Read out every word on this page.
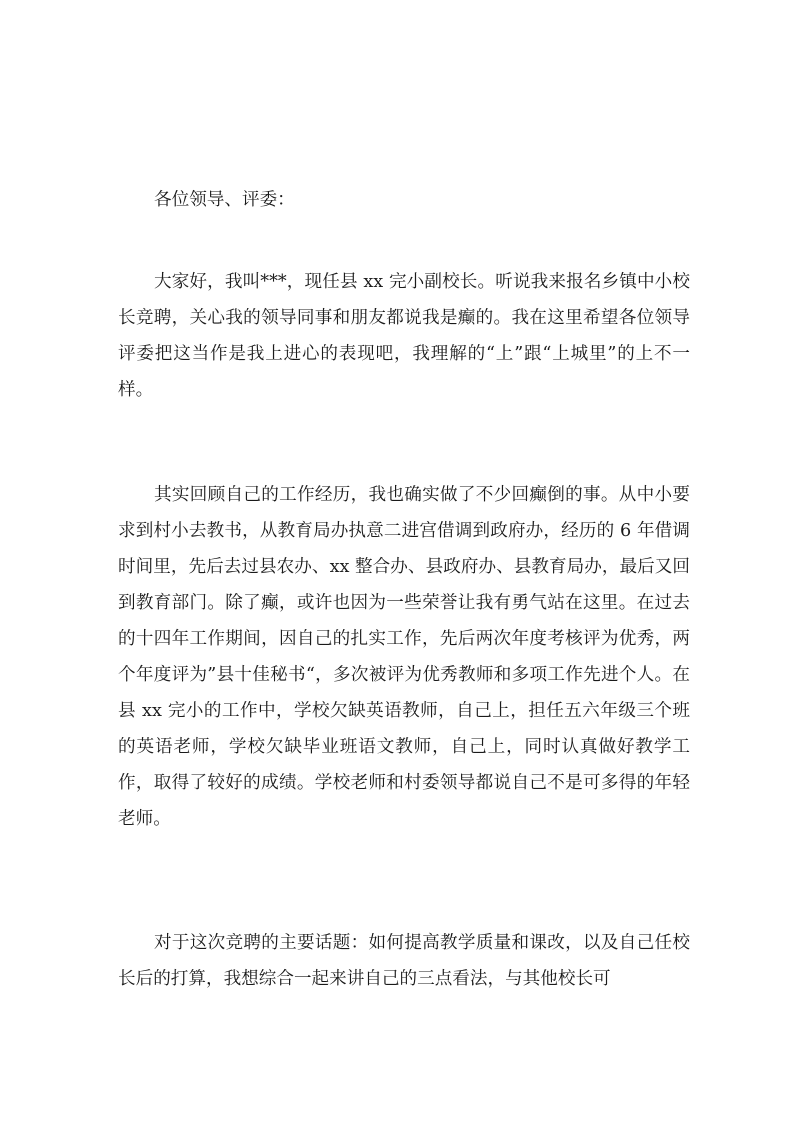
各位领导、评委：

大家好，我叫***，现任县 xx 完小副校长。听说我来报名乡镇中小校长竞聘，关心我的领导同事和朋友都说我是癫的。我在这里希望各位领导评委把这当作是我上进心的表现吧，我理解的“上”跟“上城里”的上不一样。

其实回顾自己的工作经历，我也确实做了不少回癫倒的事。从中小要求到村小去教书，从教育局办执意二进宫借调到政府办，经历的 6 年借调时间里，先后去过县农办、xx 整合办、县政府办、县教育局办，最后又回到教育部门。除了癫，或许也因为一些荣誉让我有勇气站在这里。在过去的十四年工作期间，因自己的扎实工作，先后两次年度考核评为优秀，两个年度评为”县十佳秘书“，多次被评为优秀教师和多项工作先进个人。在县 xx 完小的工作中，学校欠缺英语教师，自己上，担任五六年级三个班的英语老师，学校欠缺毕业班语文教师，自己上，同时认真做好教学工作，取得了较好的成绩。学校老师和村委领导都说自己不是可多得的年轻老师。

对于这次竞聘的主要话题：如何提高教学质量和课改，以及自己任校长后的打算，我想综合一起来讲自己的三点看法，与其他校长可
